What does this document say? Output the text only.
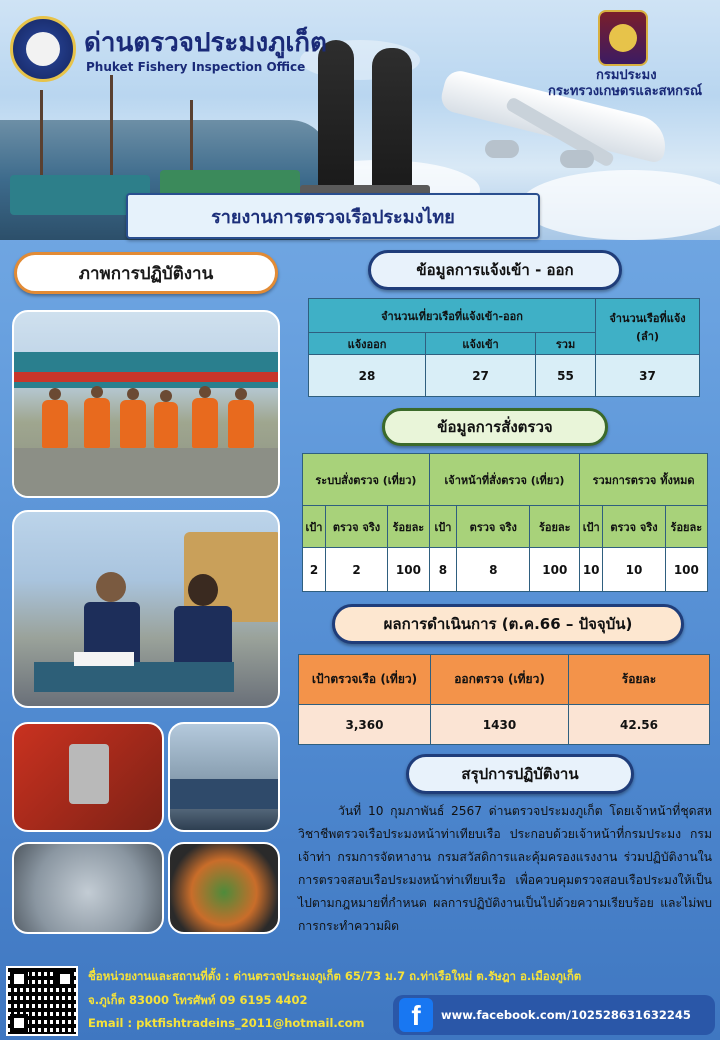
ด่านตรวจประมงภูเก็ต
Phuket Fishery Inspection Office
กรมประมง
กระทรวงเกษตรและสหกรณ์
รายงานการตรวจเรือประมงไทย
ภาพการปฏิบัติงาน	ข้อมูลการแจ้งเข้า - ออก
จำนวนเที่ยวเรือที่แจ้งเข้า-ออก			จำนวนเรือที่แจ้ง (ลำ)
แจ้งออก	แจ้งเข้า	รวม	
28	27	55	37
ข้อมูลการสั่งตรวจ
ระบบสั่งตรวจ (เที่ยว)			เจ้าหน้าที่สั่งตรวจ (เที่ยว)			รวมการตรวจ ทั้งหมด		
เป้า	ตรวจ จริง	ร้อยละ	เป้า	ตรวจ จริง	ร้อยละ	เป้า	ตรวจ จริง	ร้อยละ
2	2	100	8	8	100	10	10	100
ผลการดำเนินการ (ต.ค.66 – ปัจจุบัน)
เป้าตรวจเรือ (เที่ยว)	ออกตรวจ (เที่ยว)	ร้อยละ
3,360	1430	42.56
สรุปการปฏิบัติงาน
วันที่ 10 กุมภาพันธ์ 2567 ด่านตรวจประมงภูเก็ต โดยเจ้าหน้าที่ชุดสหวิชาชีพตรวจเรือประมงหน้าท่าเทียบเรือ ประกอบด้วยเจ้าหน้าที่กรมประมง กรมเจ้าท่า กรมการจัดหางาน กรมสวัสดิการและคุ้มครองแรงงาน ร่วมปฏิบัติงานในการตรวจสอบเรือประมงหน้าท่าเทียบเรือ เพื่อควบคุมตรวจสอบเรือประมงให้เป็นไปตามกฎหมายที่กำหนด ผลการปฏิบัติงานเป็นไปด้วยความเรียบร้อย และไม่พบการกระทำความผิด
ชื่อหน่วยงานและสถานที่ตั้ง : ด่านตรวจประมงภูเก็ต 65/73 ม.7 ถ.ท่าเรือใหม่ ต.รัษฎา อ.เมืองภูเก็ต
จ.ภูเก็ต 83000 โทรศัพท์ 09 6195 4402
Email : pktfishtradeins_2011@hotmail.com	f	www.facebook.com/102528631632245
